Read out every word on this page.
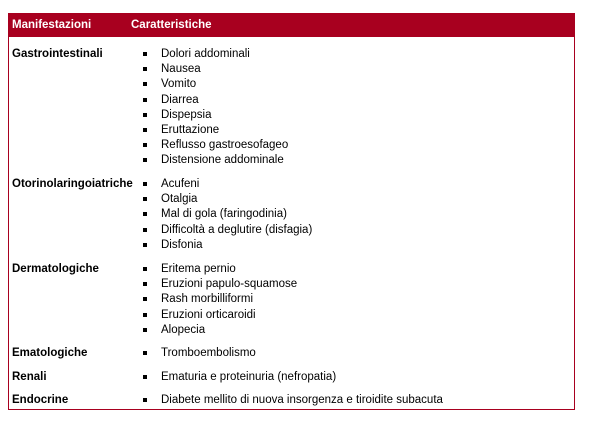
Manifestazioni	Caratteristiche
Gastrointestinali	Dolori addominali
Nausea
Vomito
Diarrea
Dispepsia
Eruttazione
Reflusso gastroesofageo
Distensione addominale
Otorinolaringoiatriche	Acufeni
Otalgia
Mal di gola (faringodinia)
Difficoltà a deglutire (disfagia)
Disfonia
Dermatologiche	Eritema pernio
Eruzioni papulo-squamose
Rash morbilliformi
Eruzioni orticaroidi
Alopecia
Ematologiche	Tromboembolismo
Renali	Ematuria e proteinuria (nefropatia)
Endocrine	Diabete mellito di nuova insorgenza e tiroidite subacuta
